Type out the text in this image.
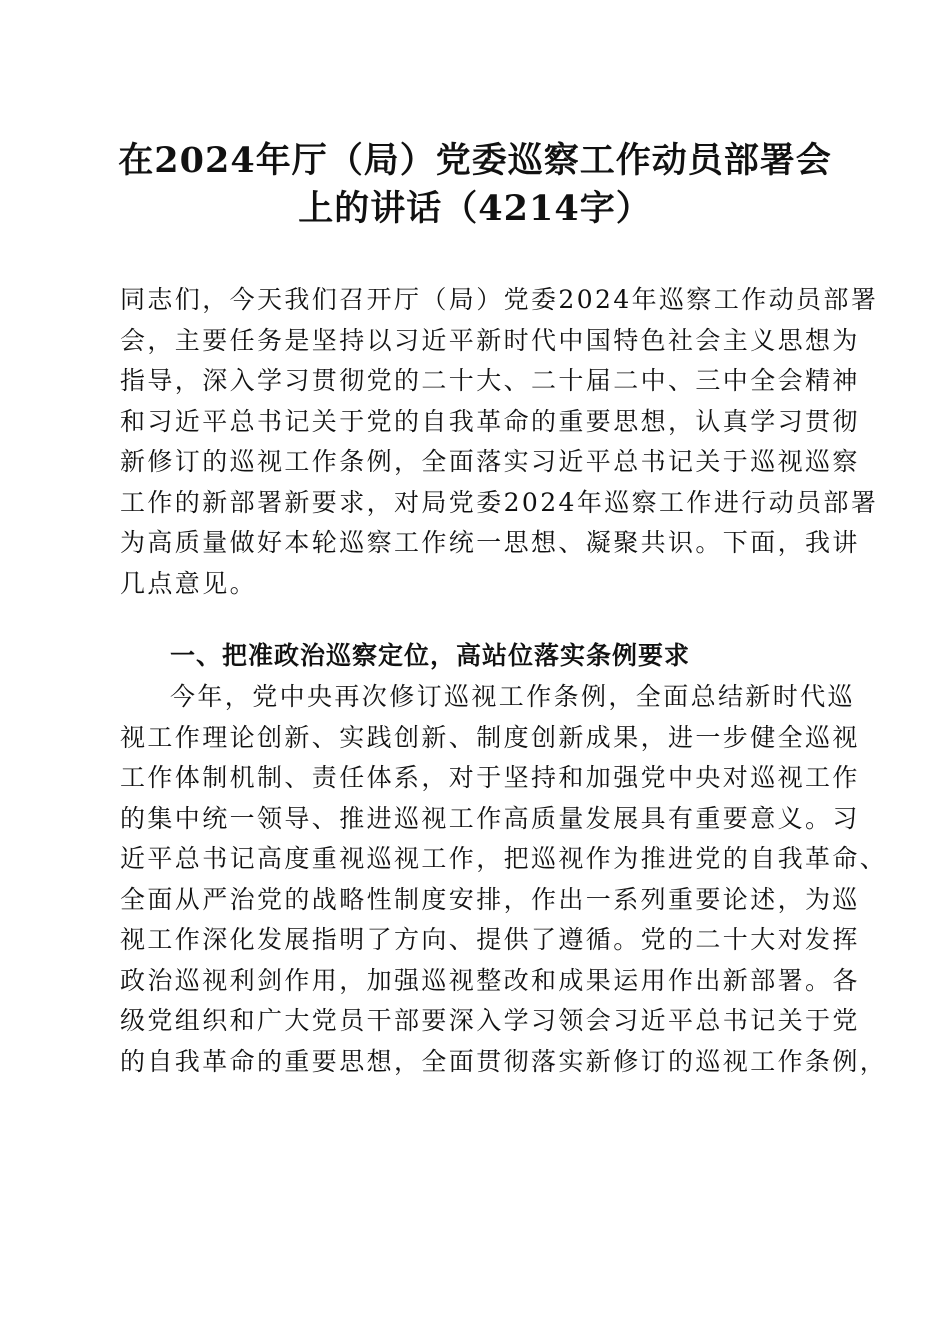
在2024年厅（局）党委巡察工作动员部署会
上的讲话（4214字）
同志们，今天我们召开厅（局）党委2024年巡察工作动员部署
会，主要任务是坚持以习近平新时代中国特色社会主义思想为
指导，深入学习贯彻党的二十大、二十届二中、三中全会精神
和习近平总书记关于党的自我革命的重要思想，认真学习贯彻
新修订的巡视工作条例，全面落实习近平总书记关于巡视巡察
工作的新部署新要求，对局党委2024年巡察工作进行动员部署
为高质量做好本轮巡察工作统一思想、凝聚共识。下面，我讲
几点意见。
一、把准政治巡察定位，高站位落实条例要求
今年，党中央再次修订巡视工作条例，全面总结新时代巡
视工作理论创新、实践创新、制度创新成果，进一步健全巡视
工作体制机制、责任体系，对于坚持和加强党中央对巡视工作
的集中统一领导、推进巡视工作高质量发展具有重要意义。习
近平总书记高度重视巡视工作，把巡视作为推进党的自我革命、
全面从严治党的战略性制度安排，作出一系列重要论述，为巡
视工作深化发展指明了方向、提供了遵循。党的二十大对发挥
政治巡视利剑作用，加强巡视整改和成果运用作出新部署。各
级党组织和广大党员干部要深入学习领会习近平总书记关于党
的自我革命的重要思想，全面贯彻落实新修订的巡视工作条例，
